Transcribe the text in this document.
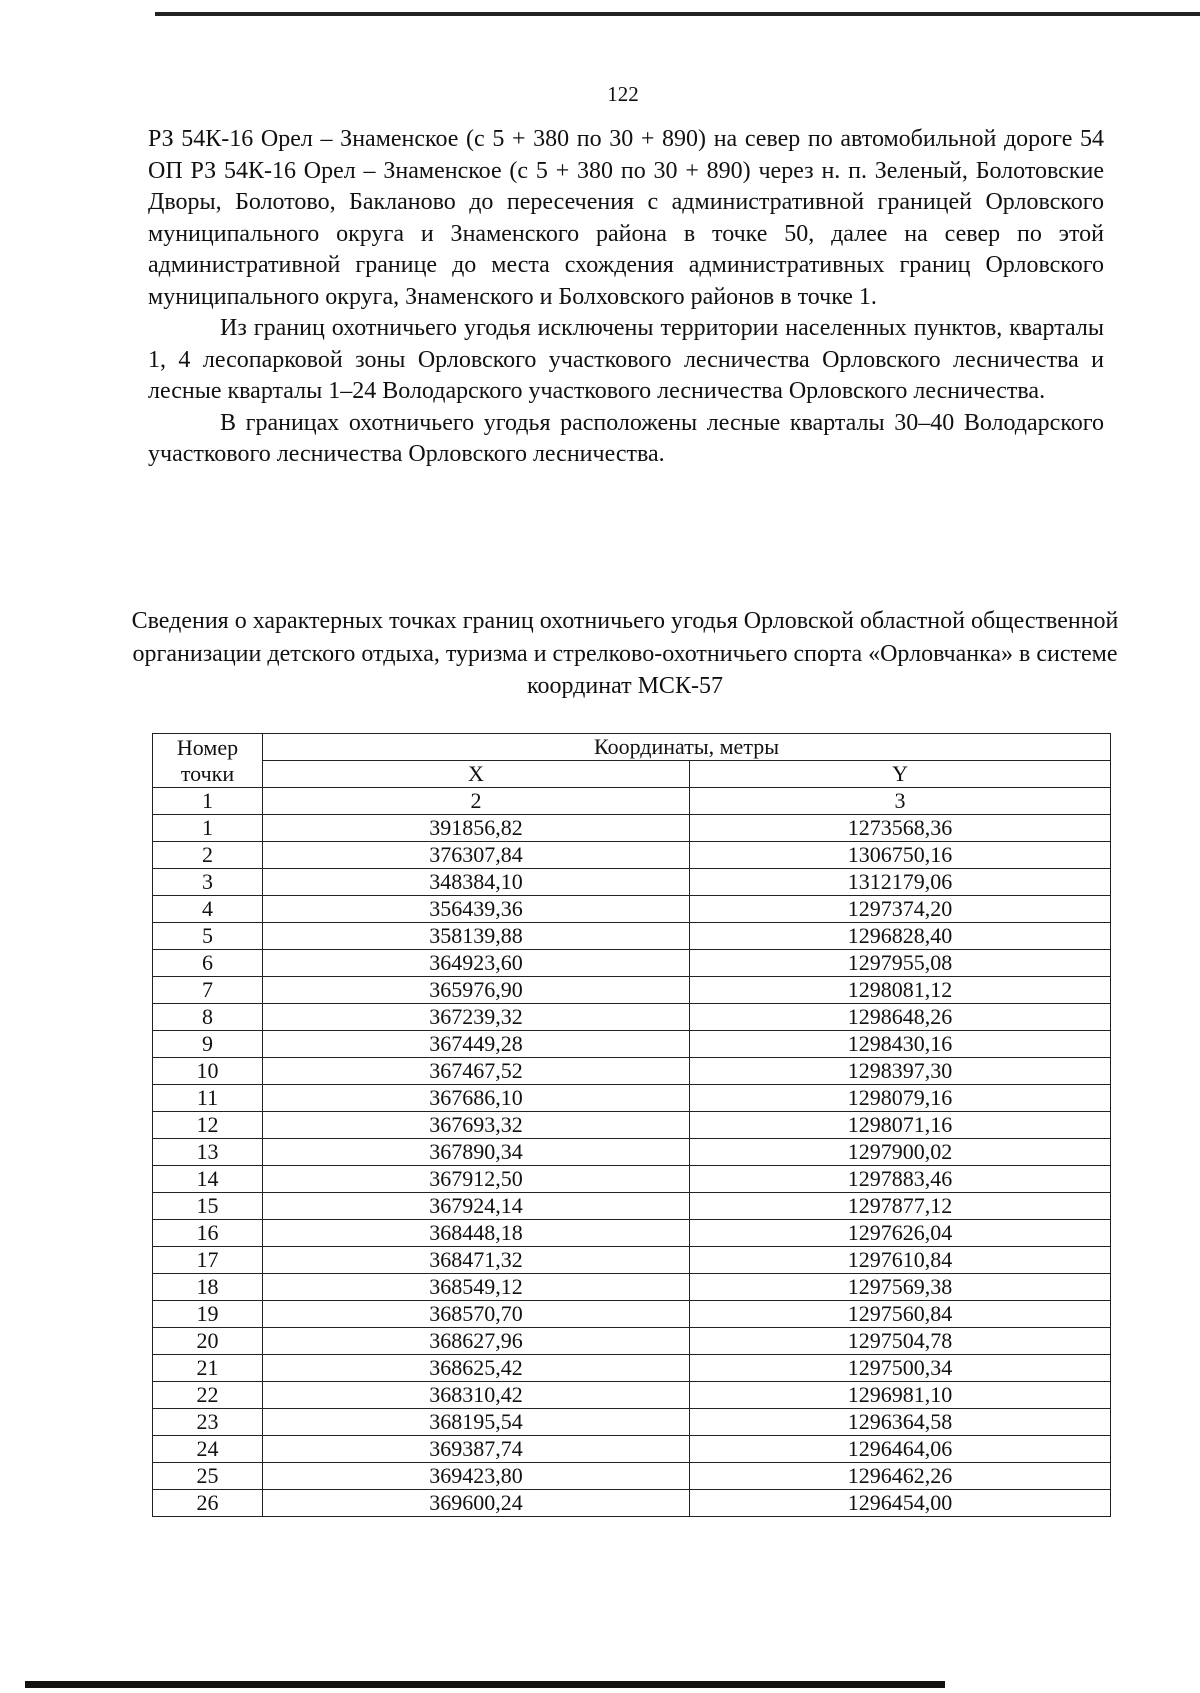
122

РЗ 54К-16 Орел – Знаменское (с 5 + 380 по 30 + 890) на север по автомобильной дороге 54 ОП РЗ 54К-16 Орел – Знаменское (с 5 + 380 по 30 + 890) через н. п. Зеленый, Болотовские Дворы, Болотово, Бакланово до пересечения с административной границей Орловского муниципального округа и Знаменского района в точке 50, далее на север по этой административной границе до места схождения административных границ Орловского муниципального округа, Знаменского и Болховского районов в точке 1.

Из границ охотничьего угодья исключены территории населенных пунктов, кварталы 1, 4 лесопарковой зоны Орловского участкового лесничества Орловского лесничества и лесные кварталы 1–24 Володарского участкового лесничества Орловского лесничества.

В границах охотничьего угодья расположены лесные кварталы 30–40 Володарского участкового лесничества Орловского лесничества.

Сведения о характерных точках границ охотничьего угодья Орловской областной общественной организации детского отдыха, туризма и стрелково-охотничьего спорта «Орловчанка» в системе координат МСК-57
Номер точки	Координаты, метры	
	X	Y
1	2	3
1	391856,82	1273568,36
2	376307,84	1306750,16
3	348384,10	1312179,06
4	356439,36	1297374,20
5	358139,88	1296828,40
6	364923,60	1297955,08
7	365976,90	1298081,12
8	367239,32	1298648,26
9	367449,28	1298430,16
10	367467,52	1298397,30
11	367686,10	1298079,16
12	367693,32	1298071,16
13	367890,34	1297900,02
14	367912,50	1297883,46
15	367924,14	1297877,12
16	368448,18	1297626,04
17	368471,32	1297610,84
18	368549,12	1297569,38
19	368570,70	1297560,84
20	368627,96	1297504,78
21	368625,42	1297500,34
22	368310,42	1296981,10
23	368195,54	1296364,58
24	369387,74	1296464,06
25	369423,80	1296462,26
26	369600,24	1296454,00
